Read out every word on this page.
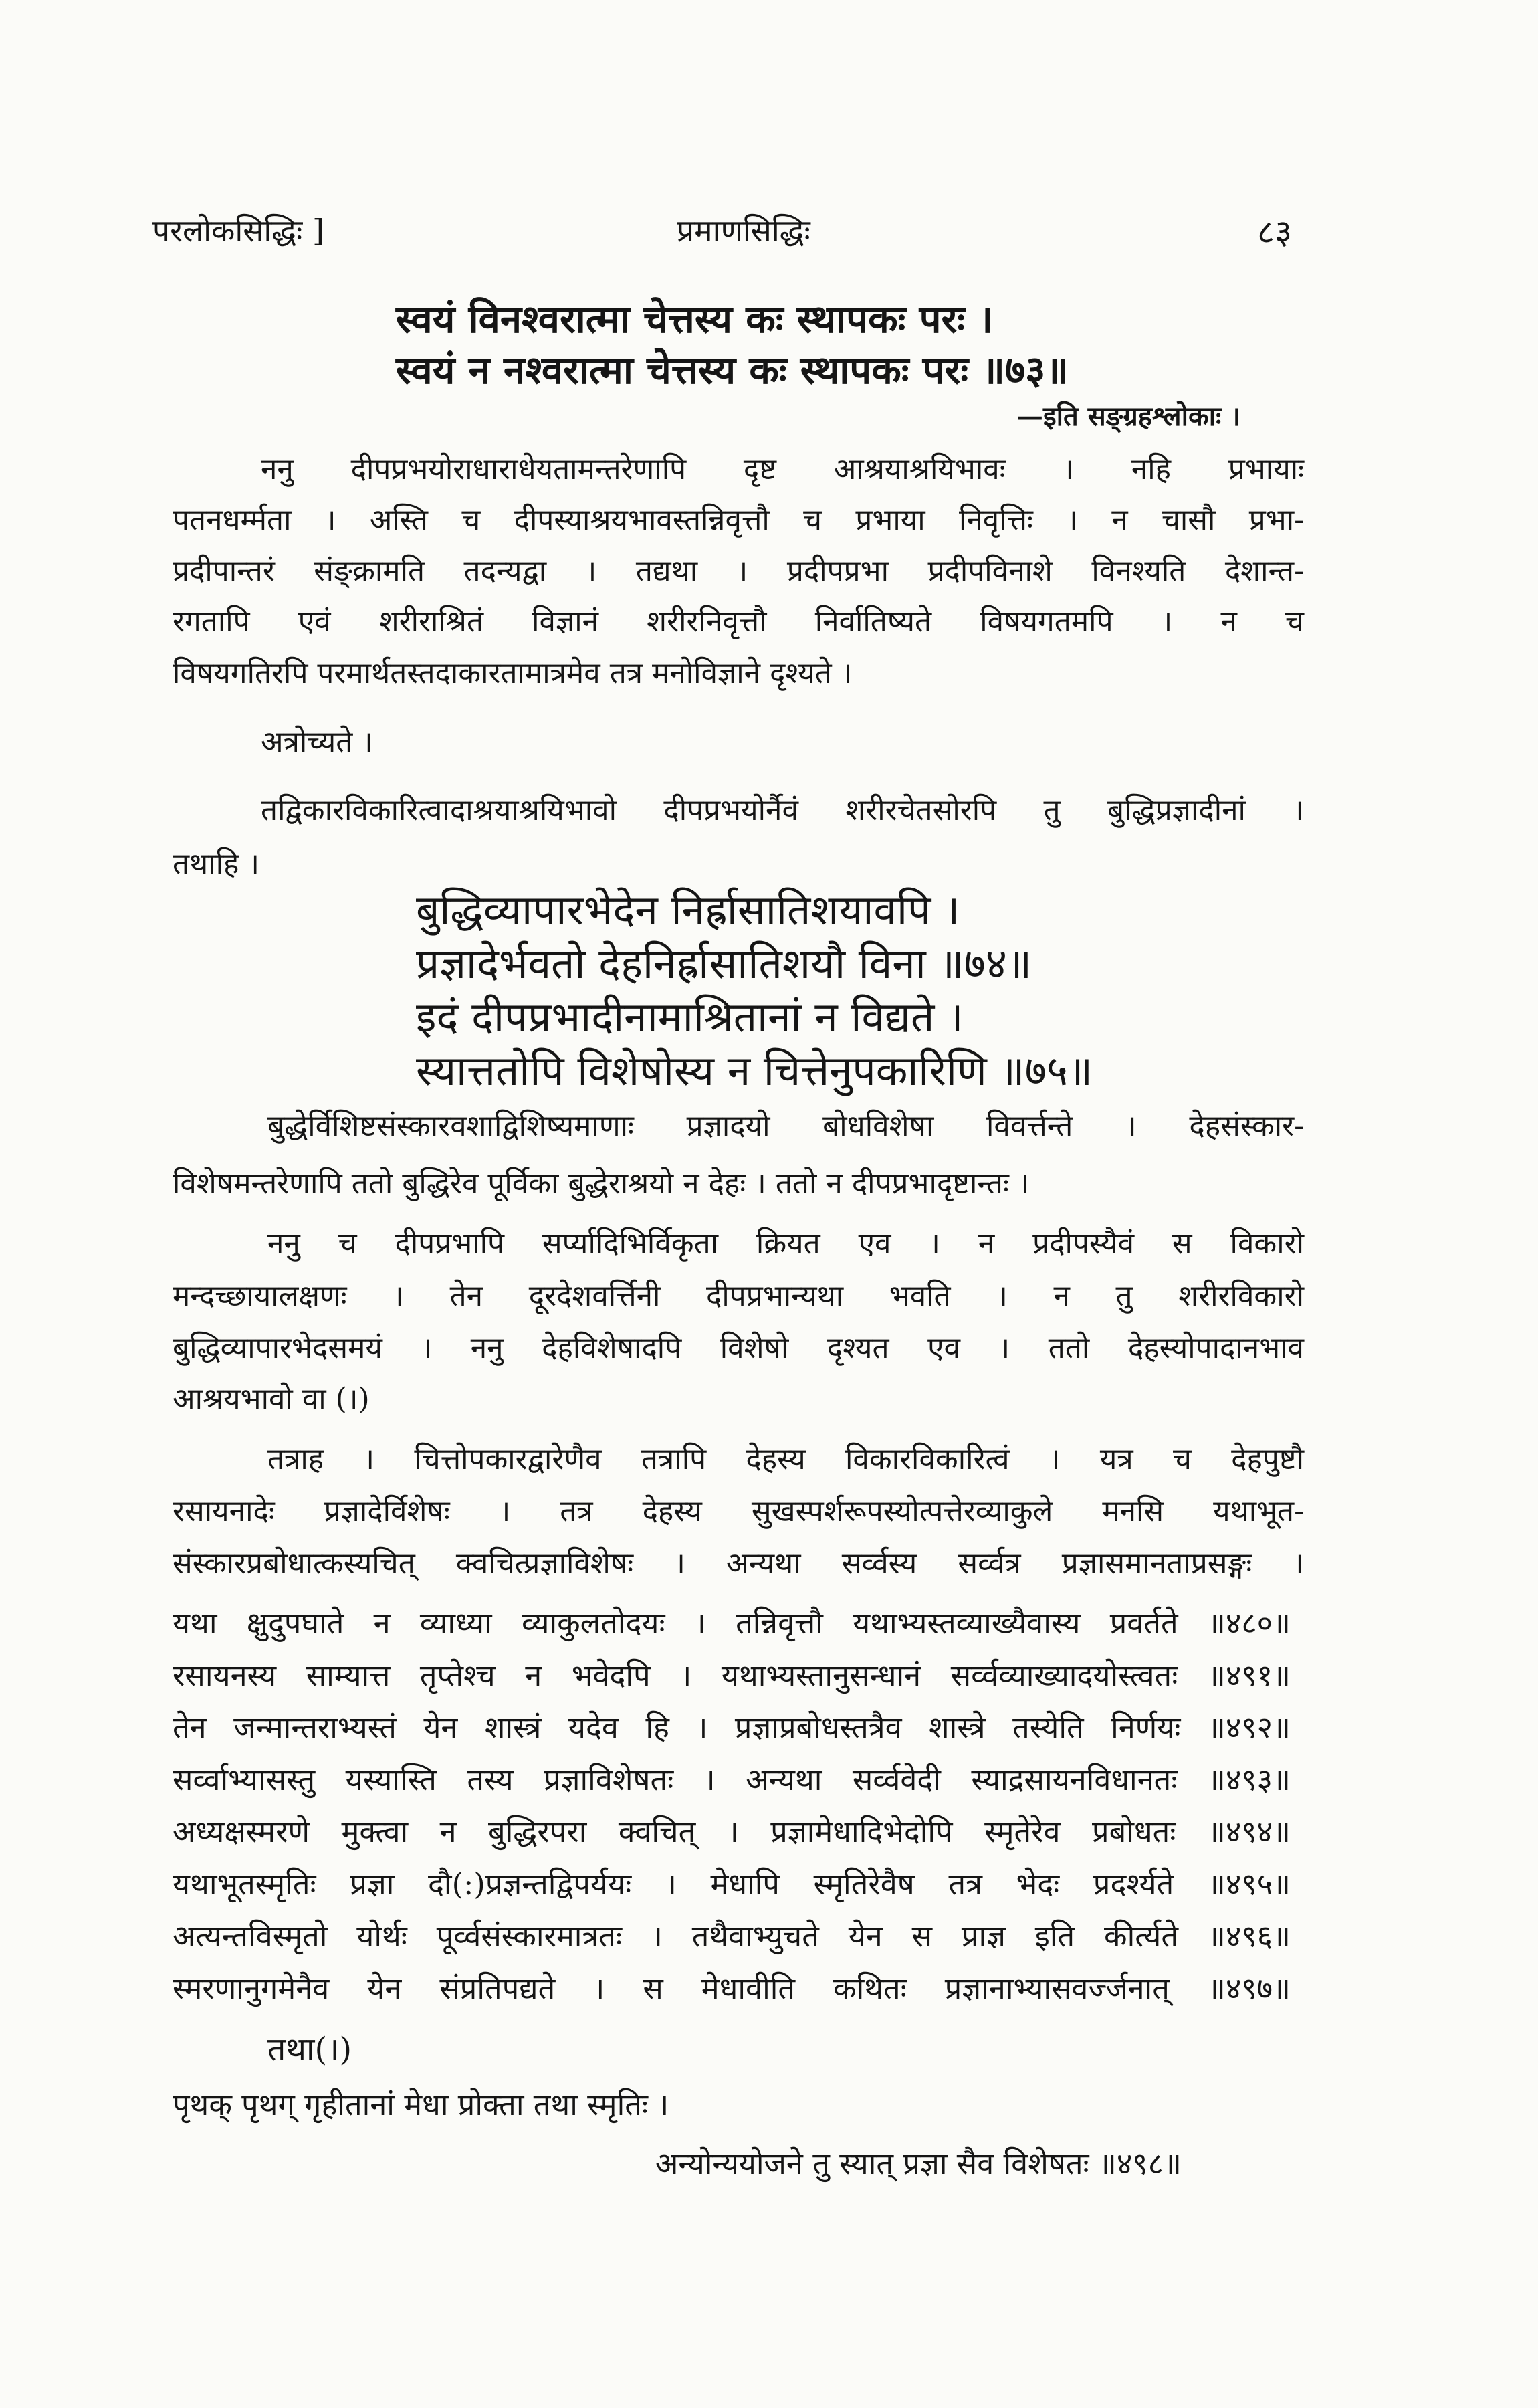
परलोकसिद्धिः ]	प्रमाणसिद्धिः	८३
स्वयं विनश्वरात्मा चेत्तस्य कः स्थापकः परः ।
स्वयं न नश्वरात्मा चेत्तस्य कः स्थापकः परः ॥७३॥
—इति सङ्ग्रहश्लोकाः ।
ननु दीपप्रभयोराधाराधेयतामन्तरेणापि दृष्ट आश्रयाश्रयिभावः । नहि प्रभायाः
पतनधर्म्मता । अस्ति च दीपस्याश्रयभावस्तन्निवृत्तौ च प्रभाया निवृत्तिः । न चासौ प्रभा-
प्रदीपान्तरं संङ्क्रामति तदन्यद्वा । तद्यथा । प्रदीपप्रभा प्रदीपविनाशे विनश्यति देशान्त-
रगतापि एवं शरीराश्रितं विज्ञानं शरीरनिवृत्तौ निर्वातिष्यते विषयगतमपि । न च
विषयगतिरपि परमार्थतस्तदाकारतामात्रमेव तत्र मनोविज्ञाने दृश्यते ।
अत्रोच्यते ।
तद्विकारविकारित्वादाश्रयाश्रयिभावो दीपप्रभयोर्नैवं शरीरचेतसोरपि तु बुद्धिप्रज्ञादीनां ।
तथाहि ।
बुद्धिव्यापारभेदेन निर्ह्रासातिशयावपि ।
प्रज्ञादेर्भवतो देहनिर्ह्रासातिशयौ विना ॥७४॥
इदं दीपप्रभादीनामाश्रितानां न विद्यते ।
स्यात्ततोपि विशेषोस्य न चित्तेनुपकारिणि ॥७५॥
बुद्धेर्विशिष्टसंस्कारवशाद्विशिष्यमाणाः प्रज्ञादयो बोधविशेषा विवर्त्तन्ते । देहसंस्कार-
विशेषमन्तरेणापि ततो बुद्धिरेव पूर्विका बुद्धेराश्रयो न देहः । ततो न दीपप्रभादृष्टान्तः ।
ननु च दीपप्रभापि सर्प्यादिभिर्विकृता क्रियत एव । न प्रदीपस्यैवं स विकारो
मन्दच्छायालक्षणः । तेन दूरदेशवर्त्तिनी दीपप्रभान्यथा भवति । न तु शरीरविकारो
बुद्धिव्यापारभेदसमयं । ननु देहविशेषादपि विशेषो दृश्यत एव । ततो देहस्योपादानभाव
आश्रयभावो वा (।)
तत्राह । चित्तोपकारद्वारेणैव तत्रापि देहस्य विकारविकारित्वं । यत्र च देहपुष्टौ
रसायनादेः प्रज्ञादेर्विशेषः । तत्र देहस्य सुखस्पर्शरूपस्योत्पत्तेरव्याकुले मनसि यथाभूत-
संस्कारप्रबोधात्कस्यचित् क्वचित्प्रज्ञाविशेषः । अन्यथा सर्व्वस्य सर्व्वत्र प्रज्ञासमानताप्रसङ्गः ।
यथा क्षुदुपघाते न व्याध्या व्याकुलतोदयः । तन्निवृत्तौ यथाभ्यस्तव्याख्यैवास्य प्रवर्तते ॥४८०॥
रसायनस्य साम्यात्त तृप्तेश्च न भवेदपि । यथाभ्यस्तानुसन्धानं सर्व्वव्याख्यादयोस्त्वतः ॥४९१॥
तेन जन्मान्तराभ्यस्तं येन शास्त्रं यदेव हि । प्रज्ञाप्रबोधस्तत्रैव शास्त्रे तस्येति निर्णयः ॥४९२॥
सर्व्वाभ्यासस्तु यस्यास्ति तस्य प्रज्ञाविशेषतः । अन्यथा सर्व्ववेदी स्याद्रसायनविधानतः ॥४९३॥
अध्यक्षस्मरणे मुक्त्वा न बुद्धिरपरा क्वचित् । प्रज्ञामेधादिभेदोपि स्मृतेरेव प्रबोधतः ॥४९४॥
यथाभूतस्मृतिः प्रज्ञा दौ(:)प्रज्ञन्तद्विपर्ययः । मेधापि स्मृतिरेवैष तत्र भेदः प्रदर्श्यते ॥४९५॥
अत्यन्तविस्मृतो योर्थः पूर्व्वसंस्कारमात्रतः । तथैवाभ्युचते येन स प्राज्ञ इति कीर्त्यते ॥४९६॥
स्मरणानुगमेनैव येन संप्रतिपद्यते । स मेधावीति कथितः प्रज्ञानाभ्यासवर्ज्जनात् ॥४९७॥
तथा(।)
पृथक् पृथग् गृहीतानां मेधा प्रोक्ता तथा स्मृतिः ।
अन्योन्ययोजने तु स्यात् प्रज्ञा सैव विशेषतः ॥४९८॥
